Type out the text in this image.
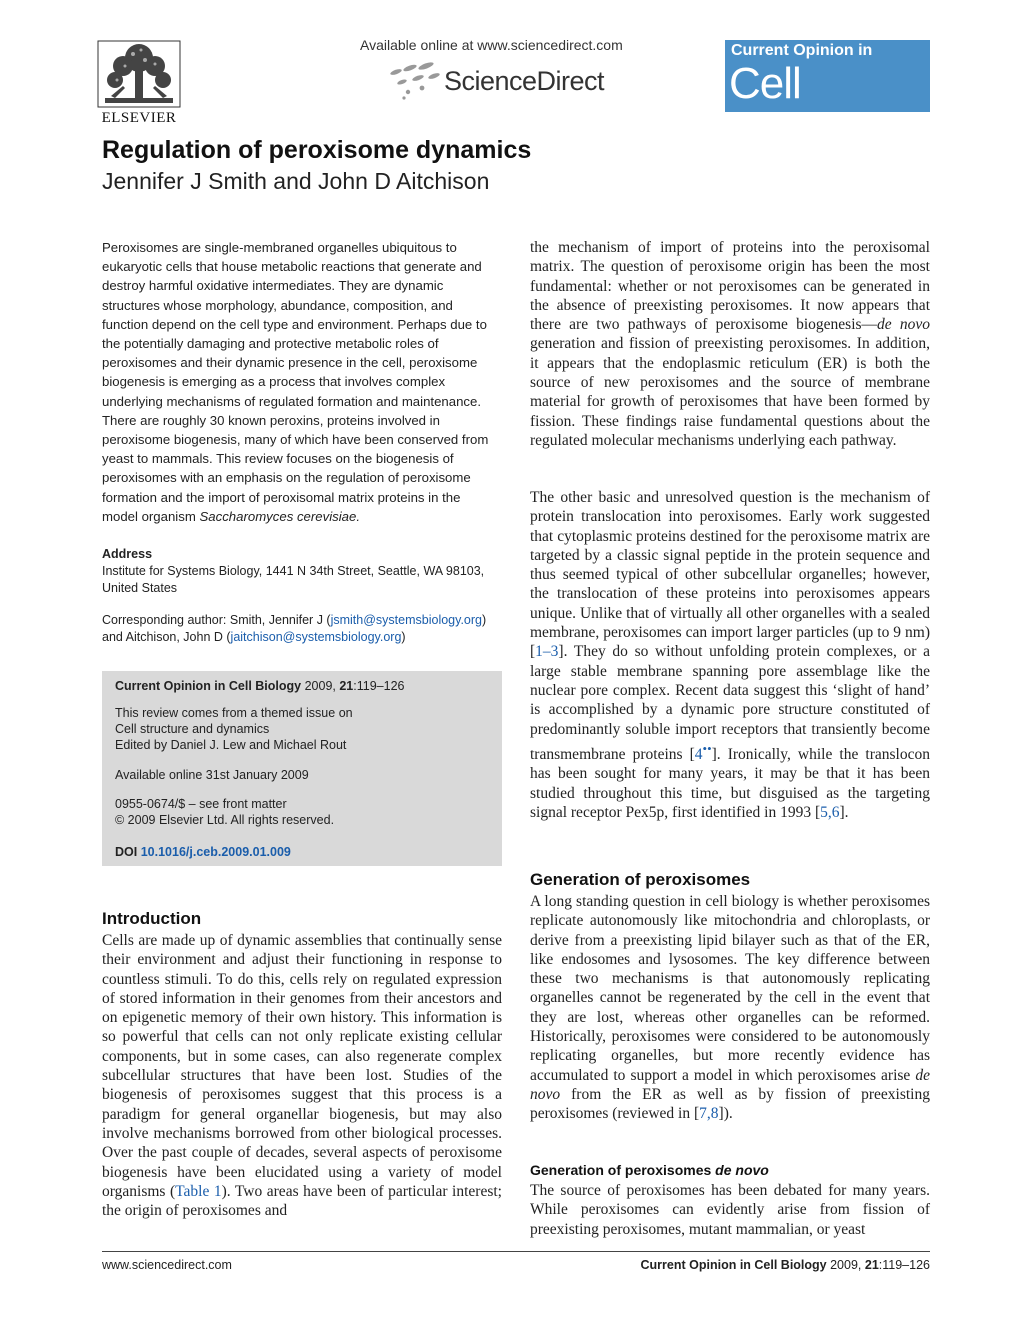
ELSEVIER
Available online at www.sciencedirect.com
ScienceDirect
Current Opinion in
Cell Biology
Regulation of peroxisome dynamics
Jennifer J Smith and John D Aitchison
Peroxisomes are single-membraned organelles ubiquitous to eukaryotic cells that house metabolic reactions that generate and destroy harmful oxidative intermediates. They are dynamic structures whose morphology, abundance, composition, and function depend on the cell type and environment. Perhaps due to the potentially damaging and protective metabolic roles of peroxisomes and their dynamic presence in the cell, peroxisome biogenesis is emerging as a process that involves complex underlying mechanisms of regulated formation and maintenance. There are roughly 30 known peroxins, proteins involved in peroxisome biogenesis, many of which have been conserved from yeast to mammals. This review focuses on the biogenesis of peroxisomes with an emphasis on the regulation of peroxisome formation and the import of peroxisomal matrix proteins in the model organism Saccharomyces cerevisiae.
Address
Institute for Systems Biology, 1441 N 34th Street, Seattle, WA 98103, United States
Corresponding author: Smith, Jennifer J (jsmith@systemsbiology.org)
and Aitchison, John D (jaitchison@systemsbiology.org)
Current Opinion in Cell Biology 2009, 21:119–126
This review comes from a themed issue on
Cell structure and dynamics
Edited by Daniel J. Lew and Michael Rout
Available online 31st January 2009
0955-0674/$ – see front matter
© 2009 Elsevier Ltd. All rights reserved.
DOI 10.1016/j.ceb.2009.01.009
Introduction
Cells are made up of dynamic assemblies that continually sense their environment and adjust their functioning in response to countless stimuli. To do this, cells rely on regulated expression of stored information in their genomes from their ancestors and on epigenetic memory of their own history. This information is so powerful that cells can not only replicate existing cellular components, but in some cases, can also regenerate complex subcellular structures that have been lost. Studies of the biogenesis of peroxisomes suggest that this process is a paradigm for general organellar biogenesis, but may also involve mechanisms borrowed from other biological processes. Over the past couple of decades, several aspects of peroxisome biogenesis have been elucidated using a variety of model organisms (Table 1). Two areas have been of particular interest; the origin of peroxisomes and
the mechanism of import of proteins into the peroxisomal matrix. The question of peroxisome origin has been the most fundamental: whether or not peroxisomes can be generated in the absence of preexisting peroxisomes. It now appears that there are two pathways of peroxisome biogenesis—de novo generation and fission of preexisting peroxisomes. In addition, it appears that the endoplasmic reticulum (ER) is both the source of new peroxisomes and the source of membrane material for growth of peroxisomes that have been formed by fission. These findings raise fundamental questions about the regulated molecular mechanisms underlying each pathway.
The other basic and unresolved question is the mechanism of protein translocation into peroxisomes. Early work suggested that cytoplasmic proteins destined for the peroxisome matrix are targeted by a classic signal peptide in the protein sequence and thus seemed typical of other subcellular organelles; however, the translocation of these proteins into peroxisomes appears unique. Unlike that of virtually all other organelles with a sealed membrane, peroxisomes can import larger particles (up to 9 nm) [1–3]. They do so without unfolding protein complexes, or a large stable membrane spanning pore assemblage like the nuclear pore complex. Recent data suggest this ‘slight of hand’ is accomplished by a dynamic pore structure constituted of predominantly soluble import receptors that transiently become transmembrane proteins [4••]. Ironically, while the translocon has been sought for many years, it may be that it has been studied throughout this time, but disguised as the targeting signal receptor Pex5p, first identified in 1993 [5,6].
Generation of peroxisomes
A long standing question in cell biology is whether peroxisomes replicate autonomously like mitochondria and chloroplasts, or derive from a preexisting lipid bilayer such as that of the ER, like endosomes and lysosomes. The key difference between these two mechanisms is that autonomously replicating organelles cannot be regenerated by the cell in the event that they are lost, whereas other organelles can be reformed. Historically, peroxisomes were considered to be autonomously replicating organelles, but more recently evidence has accumulated to support a model in which peroxisomes arise de novo from the ER as well as by fission of preexisting peroxisomes (reviewed in [7,8]).
Generation of peroxisomes de novo
The source of peroxisomes has been debated for many years. While peroxisomes can evidently arise from fission of preexisting peroxisomes, mutant mammalian, or yeast
www.sciencedirect.com	Current Opinion in Cell Biology 2009, 21:119–126
